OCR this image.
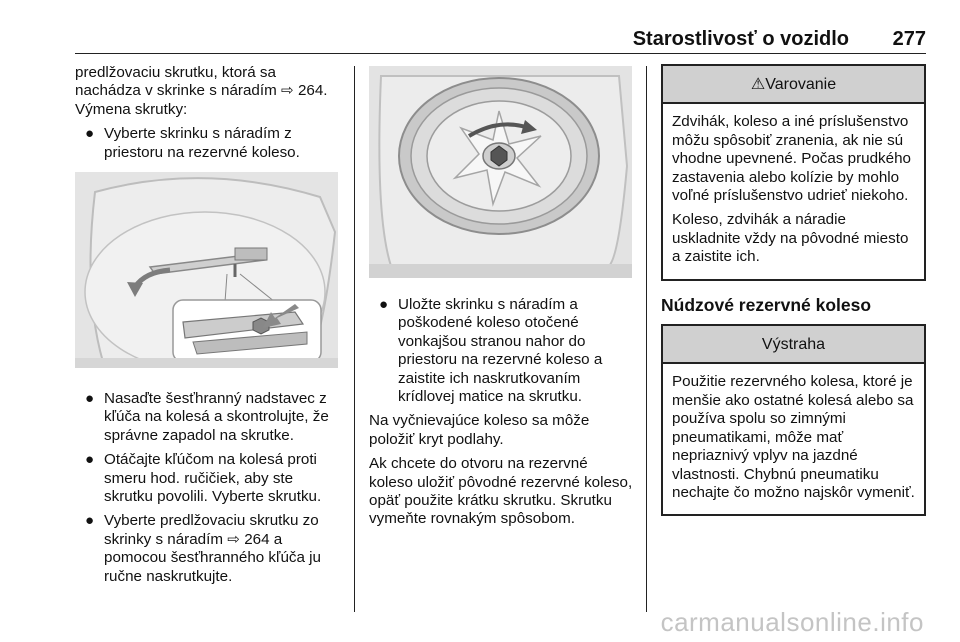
Starostlivosť o vozidlo 277

predlžovaciu skrutku, ktorá sa nachádza v skrinke s náradím ⇨ 264.
Výmena skrutky:

● Vyberte skrinku s náradím z priestoru na rezervné koleso.
● Nasaďte šesťhranný nadstavec z kľúča na kolesá a skontrolujte, že správne zapadol na skrutke.
● Otáčajte kľúčom na kolesá proti smeru hod. ručičiek, aby ste skrutku povolili. Vyberte skrutku.
● Vyberte predlžovaciu skrutku zo skrinky s náradím ⇨ 264 a pomocou šesťhranného kľúča ju ručne naskrutkujte.
● Uložte skrinku s náradím a poškodené koleso otočené vonkajšou stranou nahor do priestoru na rezervné koleso a zaistite ich naskrutkovaním krídlovej matice na skrutku.

Na vyčnievajúce koleso sa môže položiť kryt podlahy.

Ak chcete do otvoru na rezervné koleso uložiť pôvodné rezervné koleso, opäť použite krátku skrutku. Skrutku vymeňte rovnakým spôsobom.

⚠Varovanie

Zdvihák, koleso a iné príslušenstvo môžu spôsobiť zranenia, ak nie sú vhodne upevnené. Počas prudkého zastavenia alebo kolízie by mohlo voľné príslušenstvo udrieť niekoho.

Koleso, zdvihák a náradie uskladnite vždy na pôvodné miesto a zaistite ich.

Núdzové rezervné koleso
Výstraha

Použitie rezervného kolesa, ktoré je menšie ako ostatné kolesá alebo sa používa spolu so zimnými pneumatikami, môže mať nepriaznivý vplyv na jazdné vlastnosti. Chybnú pneumatiku nechajte čo možno najskôr vymeniť.

carmanualsonline.info
